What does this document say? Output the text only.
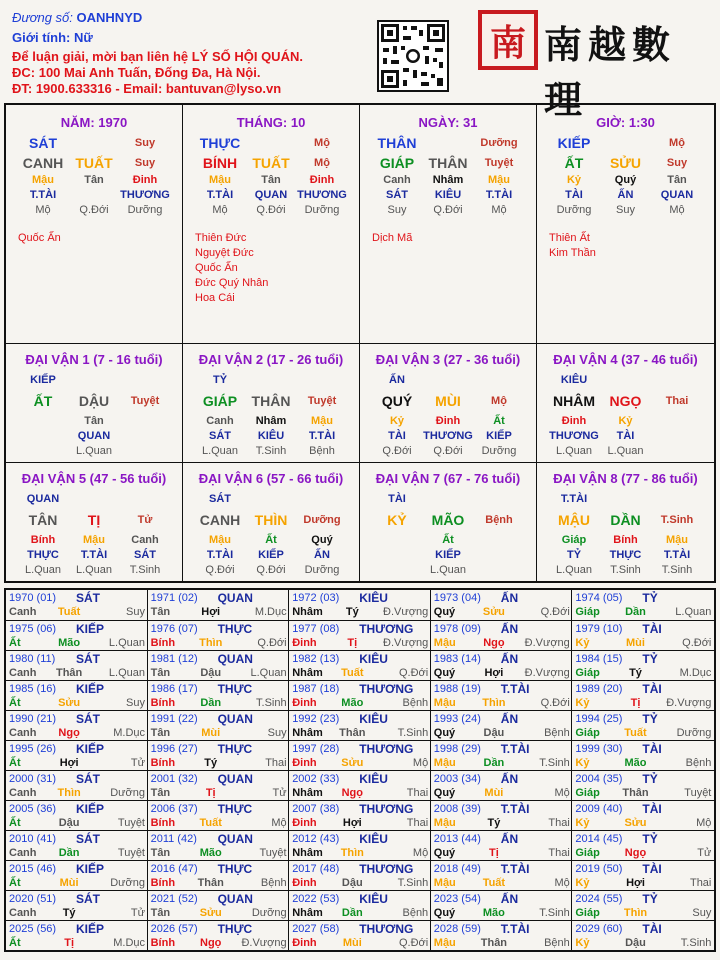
Đương số: OANHNYD
Giới tính: Nữ
Để luận giải, mời bạn liên hệ LÝ SỐ HỘI QUÁN.
ĐC: 100 Mai Anh Tuấn, Đống Đa, Hà Nội.
ĐT: 1900.633316 - Email: bantuvan@lyso.vn
南 南越數理
NĂM: 1970
SÁT	Suy
CANH TUẤT	Suy
Mậu	Tân	Đinh
T.TÀI	THƯƠNG
Mộ	Q.Đới	Dưỡng
Quốc Ấn
THÁNG: 10
THỰC	Mộ
BÍNH	TUẤT	Mộ
Mậu	Tân	Đinh
T.TÀI	QUAN THƯƠNG
Mộ	Q.Đới	Dưỡng
Thiên Đức
Nguyệt Đức
Quốc Ấn
Đức Quý Nhân
Hoa Cái
NGÀY: 31
THÂN	Dưỡng
GIÁP	THÂN	Tuyệt
Canh	Nhâm	Mậu
SÁT	KIÊU	T.TÀI
Suy	Q.Đới	Mộ
Dịch Mã
GIỜ: 1:30
KIẾP	Mộ
ẤT	SỬU	Suy
Kỷ	Quý	Tân
TÀI	ẤN	QUAN
Dưỡng	Suy	Mộ
Thiên Ất
Kim Thần
ĐẠI VẬN 1 (7 - 16 tuổi)
KIẾP
ẤT	DẬU	Tuyệt
Tân
QUAN
L.Quan
ĐẠI VẬN 2 (17 - 26 tuổi)
TỶ
GIÁP	THÂN	Tuyệt
Canh	Nhâm	Mậu
SÁT	KIÊU	T.TÀI
L.Quan	T.Sinh	Bệnh
ĐẠI VẬN 3 (27 - 36 tuổi)
ẤN
QUÝ	MÙI	Mộ
Kỷ	Đinh	Ất
TÀI	THƯƠNG	KIẾP
Q.Đới	Q.Đới	Dưỡng
ĐẠI VẬN 4 (37 - 46 tuổi)
KIÊU
NHÂM	NGỌ	Thai
Đinh	Kỷ
THƯƠNG	TÀI
L.Quan	L.Quan
ĐẠI VẬN 5 (47 - 56 tuổi)
QUAN
TÂN	TỊ	Tử
Bính	Mậu	Canh
THỰC	T.TÀI	SÁT
L.Quan	L.Quan	T.Sinh
ĐẠI VẬN 6 (57 - 66 tuổi)
SÁT
CANH	THÌN	Dưỡng
Mậu	Ất	Quý
T.TÀI	KIẾP	ẤN
Q.Đới	Q.Đới	Dưỡng
ĐẠI VẬN 7 (67 - 76 tuổi)
TÀI
KỶ	MÃO	Bệnh
Ất
KIẾP
L.Quan
ĐẠI VẬN 8 (77 - 86 tuổi)
T.TÀI
MẬU	DẦN	T.Sinh
Giáp	Bính	Mậu
TỶ	THỰC	T.TÀI
L.Quan	T.Sinh	T.Sinh
1970 (01) SÁT
Canh	Tuất	Suy
1971 (02) QUAN
Tân	Hợi	M.Dục
1972 (03) KIÊU
Nhâm	Tý	Đ.Vượng
1973 (04) ẤN
Quý	Sửu	Q.Đới
1974 (05) TỶ
Giáp	Dần	L.Quan
1975 (06) KIẾP
Ất	Mão	L.Quan
1976 (07) THỰC
Bính	Thìn	Q.Đới
1977 (08) THƯƠNG
Đinh	Tị	Đ.Vượng
1978 (09) ẤN
Mậu	Ngọ	Đ.Vượng
1979 (10) TÀI
Kỷ	Mùi	Q.Đới
1980 (11) SÁT
Canh	Thân	L.Quan
1981 (12) QUAN
Tân	Dậu	L.Quan
1982 (13) KIÊU
Nhâm	Tuất	Q.Đới
1983 (14) ẤN
Quý	Hợi	Đ.Vượng
1984 (15) TỶ
Giáp	Tý	M.Dục
1985 (16) KIẾP
Ất	Sửu	Suy
1986 (17) THỰC
Bính	Dần	T.Sinh
1987 (18) THƯƠNG
Đinh	Mão	Bệnh
1988 (19) T.TÀI
Mậu	Thìn	Q.Đới
1989 (20) TÀI
Kỷ	Tị	Đ.Vượng
1990 (21) SÁT
Canh	Ngọ	M.Dục
1991 (22) QUAN
Tân	Mùi	Suy
1992 (23) KIÊU
Nhâm	Thân	T.Sinh
1993 (24) ẤN
Quý	Dậu	Bệnh
1994 (25) TỶ
Giáp	Tuất	Dưỡng
1995 (26) KIẾP
Ất	Hợi	Tử
1996 (27) THỰC
Bính	Tý	Thai
1997 (28) THƯƠNG
Đinh	Sửu	Mộ
1998 (29) T.TÀI
Mậu	Dần	T.Sinh
1999 (30) TÀI
Kỷ	Mão	Bệnh
2000 (31) SÁT
Canh	Thìn	Dưỡng
2001 (32) QUAN
Tân	Tị	Tử
2002 (33) KIÊU
Nhâm	Ngọ	Thai
2003 (34) ẤN
Quý	Mùi	Mộ
2004 (35) TỶ
Giáp	Thân	Tuyệt
2005 (36) KIẾP
Ất	Dậu	Tuyệt
2006 (37) THỰC
Bính	Tuất	Mộ
2007 (38) THƯƠNG
Đinh	Hợi	Thai
2008 (39) T.TÀI
Mậu	Tý	Thai
2009 (40) TÀI
Kỷ	Sửu	Mộ
2010 (41) SÁT
Canh	Dần	Tuyệt
2011 (42) QUAN
Tân	Mão	Tuyệt
2012 (43) KIÊU
Nhâm	Thìn	Mộ
2013 (44) ẤN
Quý	Tị	Thai
2014 (45) TỶ
Giáp	Ngọ	Tử
2015 (46) KIẾP
Ất	Mùi	Dưỡng
2016 (47) THỰC
Bính	Thân	Bệnh
2017 (48) THƯƠNG
Đinh	Dậu	T.Sinh
2018 (49) T.TÀI
Mậu	Tuất	Mộ
2019 (50) TÀI
Kỷ	Hợi	Thai
2020 (51) SÁT
Canh	Tý	Tử
2021 (52) QUAN
Tân	Sửu	Dưỡng
2022 (53) KIÊU
Nhâm	Dần	Bệnh
2023 (54) ẤN
Quý	Mão	T.Sinh
2024 (55) TỶ
Giáp	Thìn	Suy
2025 (56) KIẾP
Ất	Tị	M.Dục
2026 (57) THỰC
Bính	Ngọ	Đ.Vượng
2027 (58) THƯƠNG
Đinh	Mùi	Q.Đới
2028 (59) T.TÀI
Mậu	Thân	Bệnh
2029 (60) TÀI
Kỷ	Dậu	T.Sinh
